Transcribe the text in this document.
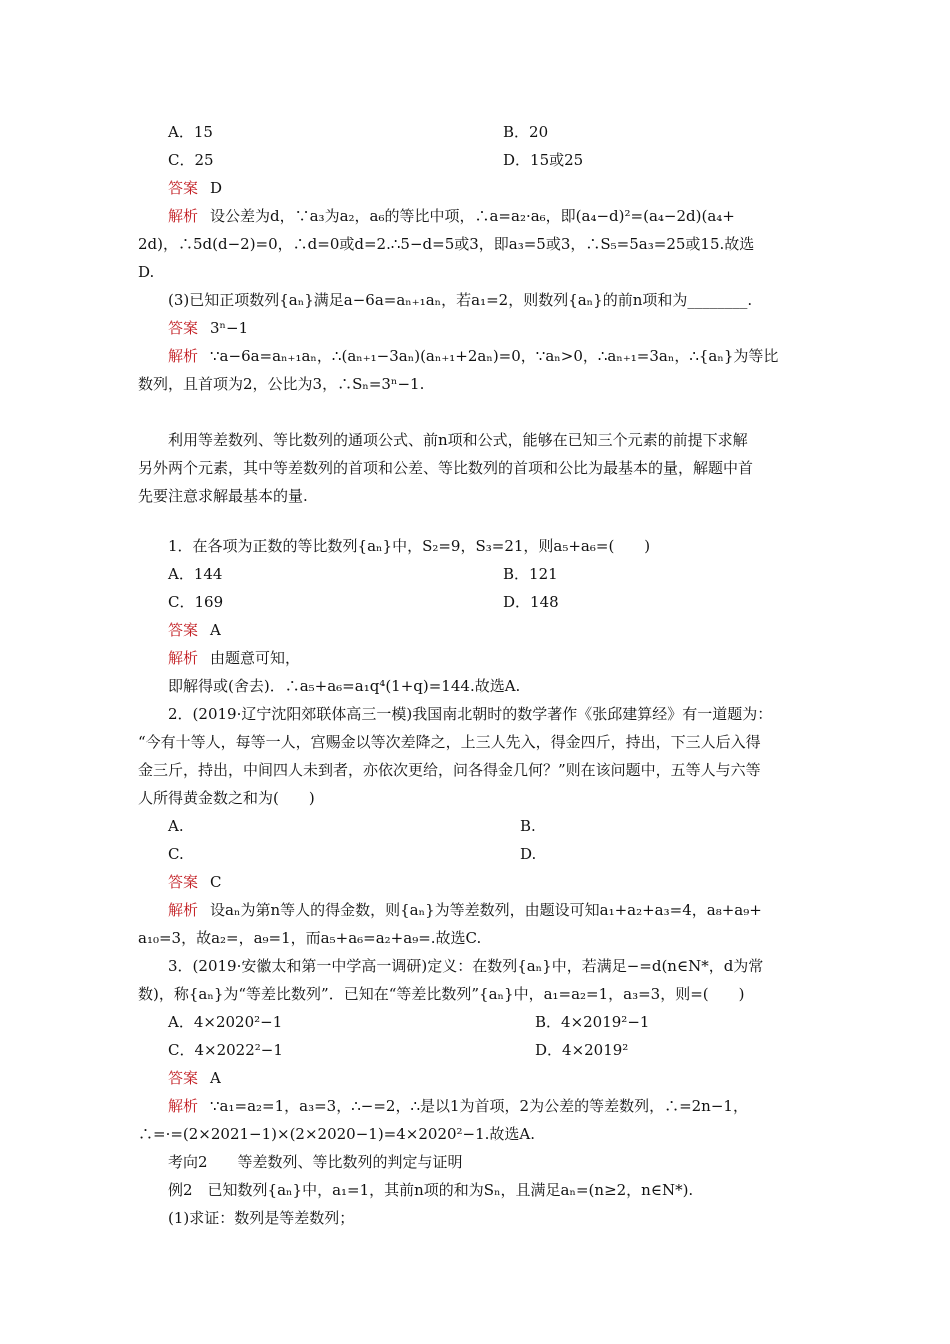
A．15	B．20
C．25	D．15或25
答案 D
解析 设公差为d，∵a₃为a₂，a₆的等比中项，∴a=a₂·a₆，即(a₄−d)²=(a₄−2d)(a₄+
2d)，∴5d(d−2)=0，∴d=0或d=2.∴5−d=5或3，即a₃=5或3，∴S₅=5a₃=25或15.故选
D.
(3)已知正项数列{aₙ}满足a−6a=aₙ₊₁aₙ，若a₁=2，则数列{aₙ}的前n项和为________.
答案 3ⁿ−1
解析 ∵a−6a=aₙ₊₁aₙ，∴(aₙ₊₁−3aₙ)(aₙ₊₁+2aₙ)=0，∵aₙ>0，∴aₙ₊₁=3aₙ，∴{aₙ}为等比
数列，且首项为2，公比为3，∴Sₙ=3ⁿ−1.
利用等差数列、等比数列的通项公式、前n项和公式，能够在已知三个元素的前提下求解
另外两个元素，其中等差数列的首项和公差、等比数列的首项和公比为最基本的量，解题中首
先要注意求解最基本的量.
1．在各项为正数的等比数列{aₙ}中，S₂=9，S₃=21，则a₅+a₆=(　　)
A．144	B．121
C．169	D．148
答案 A
解析 由题意可知，
即解得或(舍去)．∴a₅+a₆=a₁q⁴(1+q)=144.故选A.
2．(2019·辽宁沈阳郊联体高三一模)我国南北朝时的数学著作《张邱建算经》有一道题为：
“今有十等人，每等一人，宫赐金以等次差降之，上三人先入，得金四斤，持出，下三人后入得
金三斤，持出，中间四人未到者，亦依次更给，问各得金几何？”则在该问题中，五等人与六等
人所得黄金数之和为(　　)
A.	B.
C.	D.
答案 C
解析 设aₙ为第n等人的得金数，则{aₙ}为等差数列，由题设可知a₁+a₂+a₃=4，a₈+a₉+
a₁₀=3，故a₂=，a₉=1，而a₅+a₆=a₂+a₉=.故选C.
3．(2019·安徽太和第一中学高一调研)定义：在数列{aₙ}中，若满足−=d(n∈N*，d为常
数)，称{aₙ}为“等差比数列”．已知在“等差比数列”{aₙ}中，a₁=a₂=1，a₃=3，则=(　　)
A．4×2020²−1	B．4×2019²−1
C．4×2022²−1	D．4×2019²
答案 A
解析 ∵a₁=a₂=1，a₃=3，∴−=2，∴是以1为首项，2为公差的等差数列，∴=2n−1，
∴=·=(2×2021−1)×(2×2020−1)=4×2020²−1.故选A.
考向2　　等差数列、等比数列的判定与证明
例2　已知数列{aₙ}中，a₁=1，其前n项的和为Sₙ，且满足aₙ=(n≥2，n∈N*).
(1)求证：数列是等差数列；
